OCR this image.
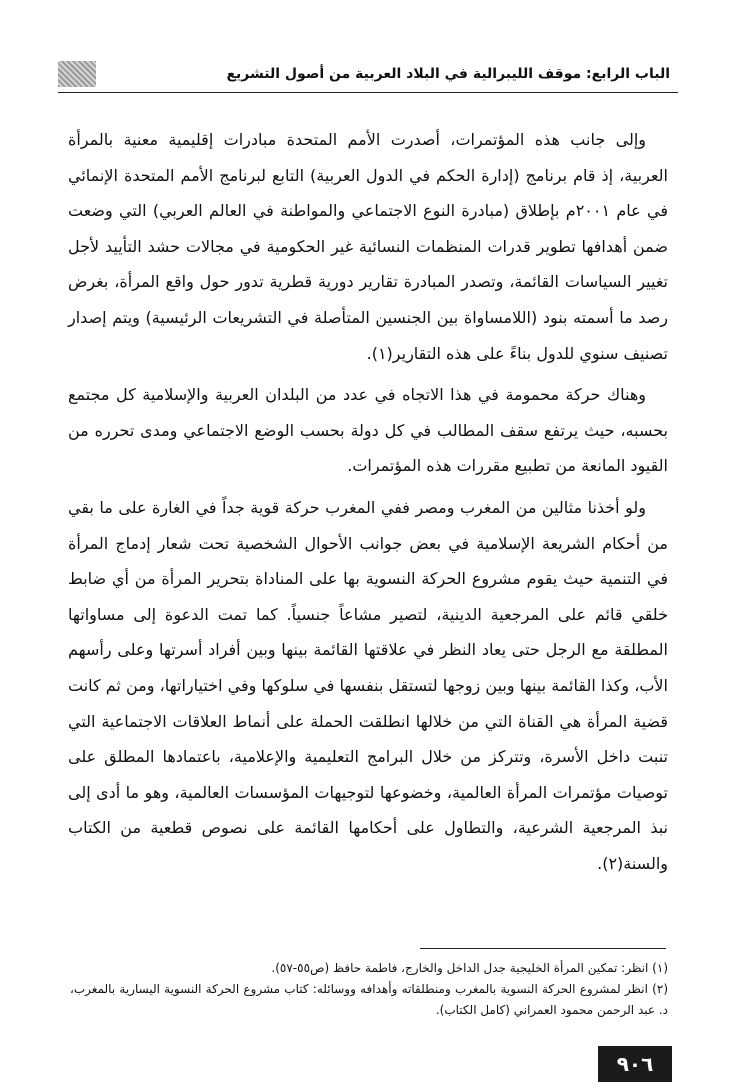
الباب الرابع: موقف الليبرالية في البلاد العربية من أصول التشريع

وإلى جانب هذه المؤتمرات، أصدرت الأمم المتحدة مبادرات إقليمية معنية بالمرأة العربية، إذ قام برنامج (إدارة الحكم في الدول العربية) التابع لبرنامج الأمم المتحدة الإنمائي في عام ٢٠٠١م بإطلاق (مبادرة النوع الاجتماعي والمواطنة في العالم العربي) التي وضعت ضمن أهدافها تطوير قدرات المنظمات النسائية غير الحكومية في مجالات حشد التأييد لأجل تغيير السياسات القائمة، وتصدر المبادرة تقارير دورية قطرية تدور حول واقع المرأة، بغرض رصد ما أسمته بنود (اللامساواة بين الجنسين المتأصلة في التشريعات الرئيسية) ويتم إصدار تصنيف سنوي للدول بناءً على هذه التقارير(١).

وهناك حركة محمومة في هذا الاتجاه في عدد من البلدان العربية والإسلامية كل مجتمع بحسبه، حيث يرتفع سقف المطالب في كل دولة بحسب الوضع الاجتماعي ومدى تحرره من القيود المانعة من تطبيع مقررات هذه المؤتمرات.

ولو أخذنا مثالين من المغرب ومصر ففي المغرب حركة قوية جداً في الغارة على ما بقي من أحكام الشريعة الإسلامية في بعض جوانب الأحوال الشخصية تحت شعار إدماج المرأة في التنمية حيث يقوم مشروع الحركة النسوية بها على المناداة بتحرير المرأة من أي ضابط خلقي قائم على المرجعية الدينية، لتصير مشاعاً جنسياً. كما تمت الدعوة إلى مساواتها المطلقة مع الرجل حتى يعاد النظر في علاقتها القائمة بينها وبين أفراد أسرتها وعلى رأسهم الأب، وكذا القائمة بينها وبين زوجها لتستقل بنفسها في سلوكها وفي اختياراتها، ومن ثم كانت قضية المرأة هي القناة التي من خلالها انطلقت الحملة على أنماط العلاقات الاجتماعية التي تنبت داخل الأسرة، وتتركز من خلال البرامج التعليمية والإعلامية، باعتمادها المطلق على توصيات مؤتمرات المرأة العالمية، وخضوعها لتوجيهات المؤسسات العالمية، وهو ما أدى إلى نبذ المرجعية الشرعية، والتطاول على أحكامها القائمة على نصوص قطعية من الكتاب والسنة(٢).

(١) انظر: تمكين المرأة الخليجية جدل الداخل والخارج، فاطمة حافظ (ص٥٥-٥٧).

(٢) انظر لمشروع الحركة النسوية بالمغرب ومنطلقاته وأهدافه ووسائله: كتاب مشروع الحركة النسوية اليسارية بالمغرب، د. عبد الرحمن محمود العمراني (كامل الكتاب).

٩٠٦
